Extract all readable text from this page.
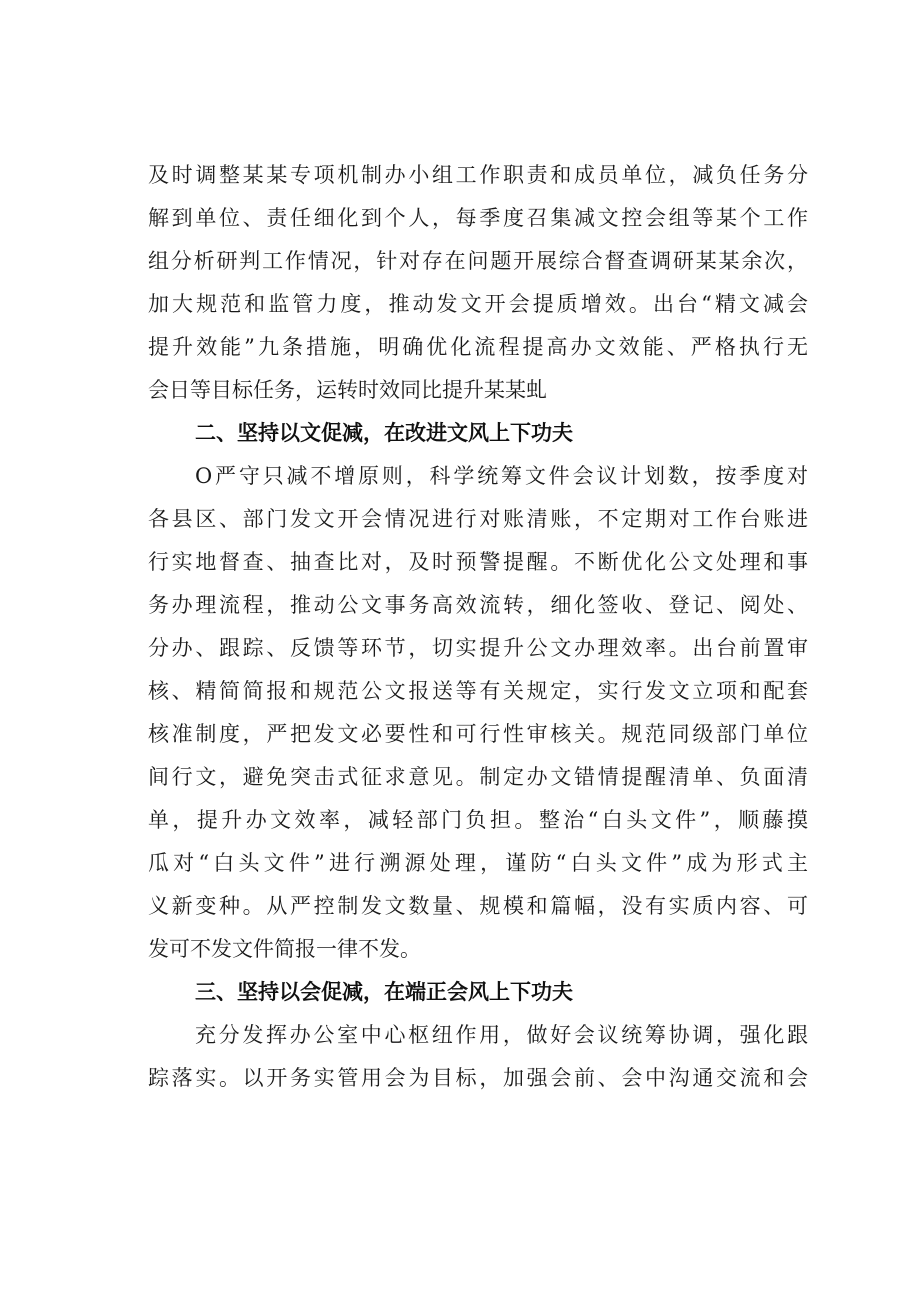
及时调整某某专项机制办小组工作职责和成员单位，减负任务分
解到单位、责任细化到个人，每季度召集减文控会组等某个工作
组分析研判工作情况，针对存在问题开展综合督查调研某某余次，
加大规范和监管力度，推动发文开会提质增效。出台“精文减会
提升效能”九条措施，明确优化流程提高办文效能、严格执行无
会日等目标任务，运转时效同比提升某某虬
二、坚持以文促减，在改进文风上下功夫
O严守只减不增原则，科学统筹文件会议计划数，按季度对
各县区、部门发文开会情况进行对账清账，不定期对工作台账进
行实地督查、抽查比对，及时预警提醒。不断优化公文处理和事
务办理流程，推动公文事务高效流转，细化签收、登记、阅处、
分办、跟踪、反馈等环节，切实提升公文办理效率。出台前置审
核、精简简报和规范公文报送等有关规定，实行发文立项和配套
核准制度，严把发文必要性和可行性审核关。规范同级部门单位
间行文，避免突击式征求意见。制定办文错情提醒清单、负面清
单，提升办文效率，减轻部门负担。整治“白头文件”，顺藤摸
瓜对“白头文件”进行溯源处理，谨防“白头文件”成为形式主
义新变种。从严控制发文数量、规模和篇幅，没有实质内容、可
发可不发文件简报一律不发。
三、坚持以会促减，在端正会风上下功夫
充分发挥办公室中心枢纽作用，做好会议统筹协调，强化跟
踪落实。以开务实管用会为目标，加强会前、会中沟通交流和会
